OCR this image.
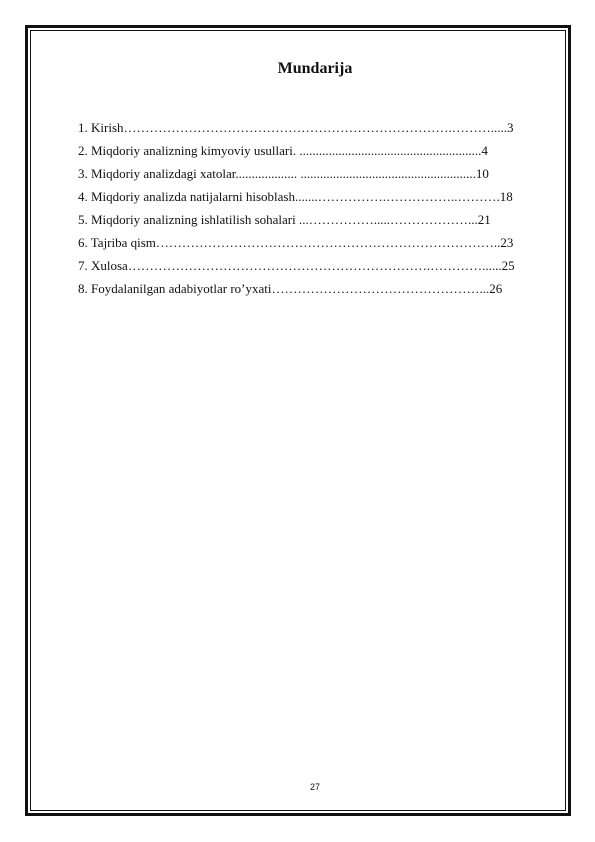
Mundarija
1. Kirish………………………………………………………………….……….....3
2. Miqdoriy analizning kimyoviy usullari. ........................................................4
3. Miqdoriy analizdagi xatolar................... ......................................................10
4. Miqdoriy analizda natijalarni hisoblash.......…………….……………..……….18
5. Miqdoriy analizning ishlatilish sohalari ...…………….....………………...21
6. Tajriba qism……………………………………………………………………..23
7. Xulosa…………………………………………………………….…………......25
8. Foydalanilgan adabiyotlar ro’yxati…………………………………………...26
27
